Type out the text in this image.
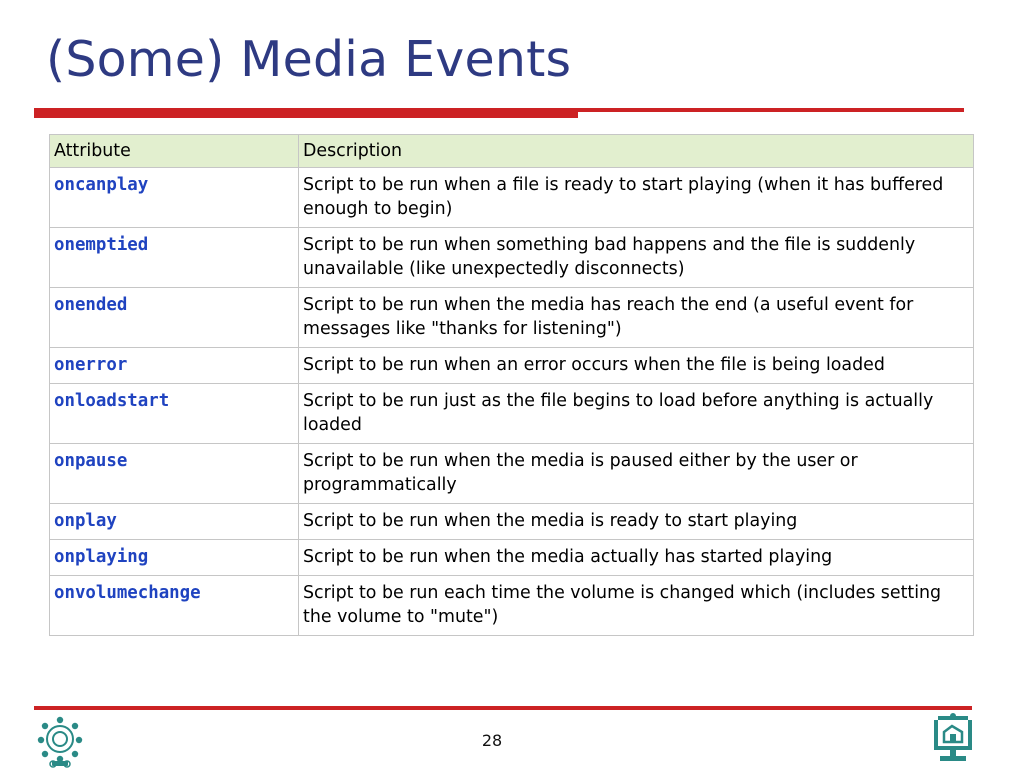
(Some) Media Events
Attribute	Description
oncanplay	Script to be run when a file is ready to start playing (when it has buffered enough to begin)
onemptied	Script to be run when something bad happens and the file is suddenly unavailable (like unexpectedly disconnects)
onended	Script to be run when the media has reach the end (a useful event for messages like "thanks for listening")
onerror	Script to be run when an error occurs when the file is being loaded
onloadstart	Script to be run just as the file begins to load before anything is actually loaded
onpause	Script to be run when the media is paused either by the user or programmatically
onplay	Script to be run when the media is ready to start playing
onplaying	Script to be run when the media actually has started playing
onvolumechange	Script to be run each time the volume is changed which (includes setting the volume to "mute")
28
